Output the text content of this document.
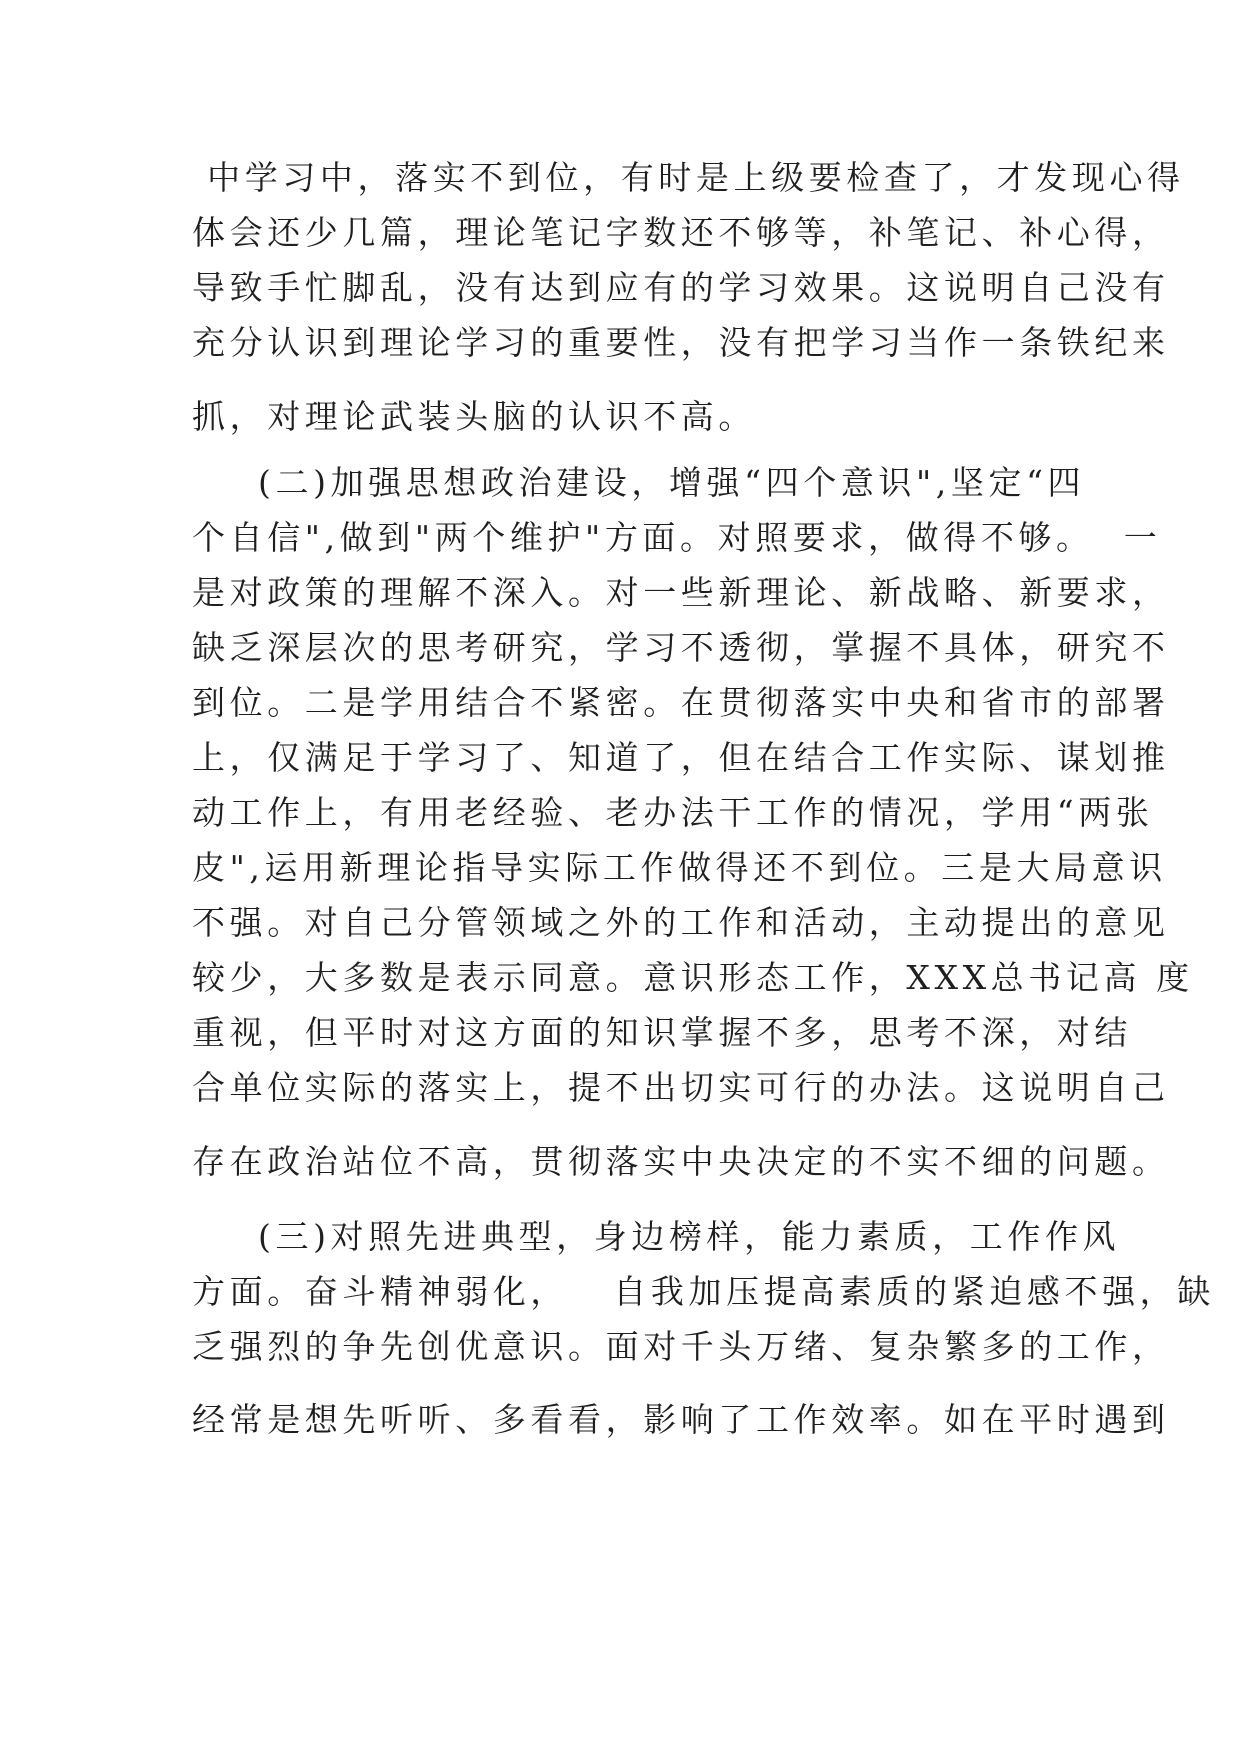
中学习中，落实不到位，有时是上级要检查了，才发现心得
体会还少几篇，理论笔记字数还不够等，补笔记、补心得，
导致手忙脚乱，没有达到应有的学习效果。这说明自己没有
充分认识到理论学习的重要性，没有把学习当作一条铁纪来
抓，对理论武装头脑的认识不高。
(二)加强思想政治建设，增强“四个意识",坚定“四
个自信",做到"两个维护"方面。对照要求，做得不够。  一
是对政策的理解不深入。对一些新理论、新战略、新要求，
缺乏深层次的思考研究，学习不透彻，掌握不具体，研究不
到位。二是学用结合不紧密。在贯彻落实中央和省市的部署
上，仅满足于学习了、知道了，但在结合工作实际、谋划推
动工作上，有用老经验、老办法干工作的情况，学用“两张
皮",运用新理论指导实际工作做得还不到位。三是大局意识
不强。对自己分管领域之外的工作和活动，主动提出的意见
较少，大多数是表示同意。意识形态工作，XXX总书记高 度
重视，但平时对这方面的知识掌握不多，思考不深，对结
合单位实际的落实上，提不出切实可行的办法。这说明自己
存在政治站位不高，贯彻落实中央决定的不实不细的问题。
(三)对照先进典型，身边榜样，能力素质，工作作风
方面。奋斗精神弱化，   自我加压提高素质的紧迫感不强，缺
乏强烈的争先创优意识。面对千头万绪、复杂繁多的工作，
经常是想先听听、多看看，影响了工作效率。如在平时遇到
